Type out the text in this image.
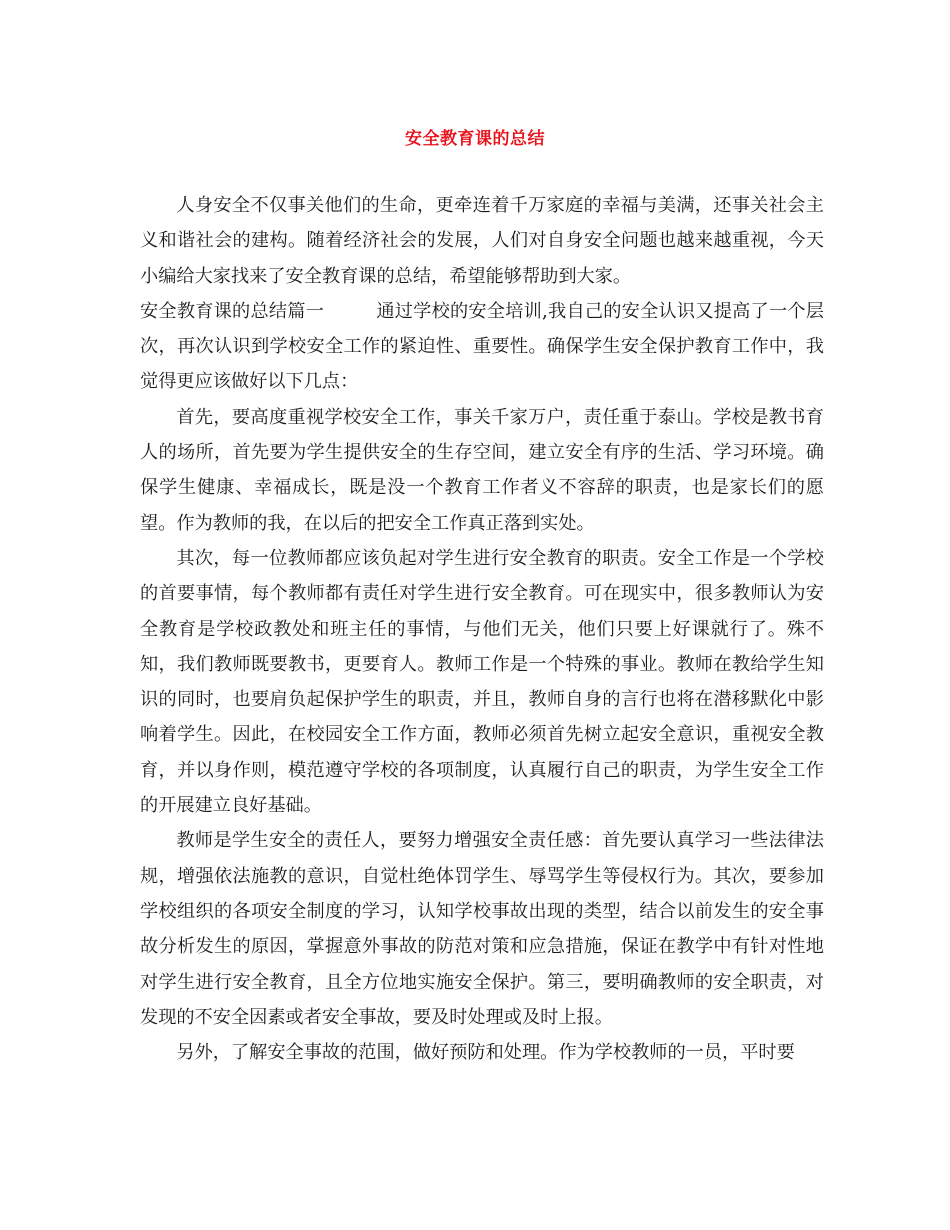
安全教育课的总结

人身安全不仅事关他们的生命，更牵连着千万家庭的幸福与美满，还事关社会主义和谐社会的建构。随着经济社会的发展，人们对自身安全问题也越来越重视，今天小编给大家找来了安全教育课的总结，希望能够帮助到大家。

安全教育课的总结篇一	通过学校的安全培训,我自己的安全认识又提高了一个层次，再次认识到学校安全工作的紧迫性、重要性。确保学生安全保护教育工作中，我觉得更应该做好以下几点：

首先，要高度重视学校安全工作，事关千家万户，责任重于泰山。学校是教书育人的场所，首先要为学生提供安全的生存空间，建立安全有序的生活、学习环境。确保学生健康、幸福成长，既是没一个教育工作者义不容辞的职责，也是家长们的愿望。作为教师的我，在以后的把安全工作真正落到实处。

其次，每一位教师都应该负起对学生进行安全教育的职责。安全工作是一个学校的首要事情，每个教师都有责任对学生进行安全教育。可在现实中，很多教师认为安全教育是学校政教处和班主任的事情，与他们无关，他们只要上好课就行了。殊不知，我们教师既要教书，更要育人。教师工作是一个特殊的事业。教师在教给学生知识的同时，也要肩负起保护学生的职责，并且，教师自身的言行也将在潜移默化中影响着学生。因此，在校园安全工作方面，教师必须首先树立起安全意识，重视安全教育，并以身作则，模范遵守学校的各项制度，认真履行自己的职责，为学生安全工作的开展建立良好基础。

教师是学生安全的责任人，要努力增强安全责任感：首先要认真学习一些法律法规，增强依法施教的意识，自觉杜绝体罚学生、辱骂学生等侵权行为。其次，要参加学校组织的各项安全制度的学习，认知学校事故出现的类型，结合以前发生的安全事故分析发生的原因，掌握意外事故的防范对策和应急措施，保证在教学中有针对性地对学生进行安全教育，且全方位地实施安全保护。第三，要明确教师的安全职责，对发现的不安全因素或者安全事故，要及时处理或及时上报。

另外，了解安全事故的范围，做好预防和处理。作为学校教师的一员，平时要
